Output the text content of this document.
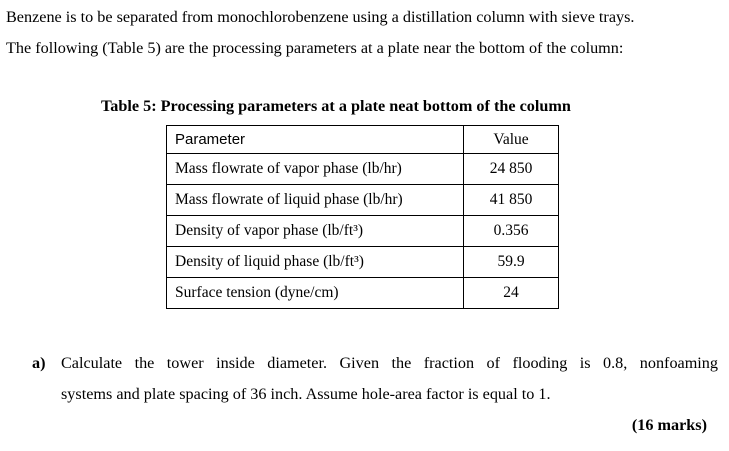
Benzene is to be separated from monochlorobenzene using a distillation column with sieve trays.
The following (Table 5) are the processing parameters at a plate near the bottom of the column:

Table 5: Processing parameters at a plate neat bottom of the column
Parameter	Value
Mass flowrate of vapor phase (lb/hr)	24 850
Mass flowrate of liquid phase (lb/hr)	41 850
Density of vapor phase (lb/ft³)	0.356
Density of liquid phase (lb/ft³)	59.9
Surface tension (dyne/cm)	24
a) Calculate the tower inside diameter. Given the fraction of flooding is 0.8, nonfoaming
systems and plate spacing of 36 inch. Assume hole-area factor is equal to 1.
(16 marks)
